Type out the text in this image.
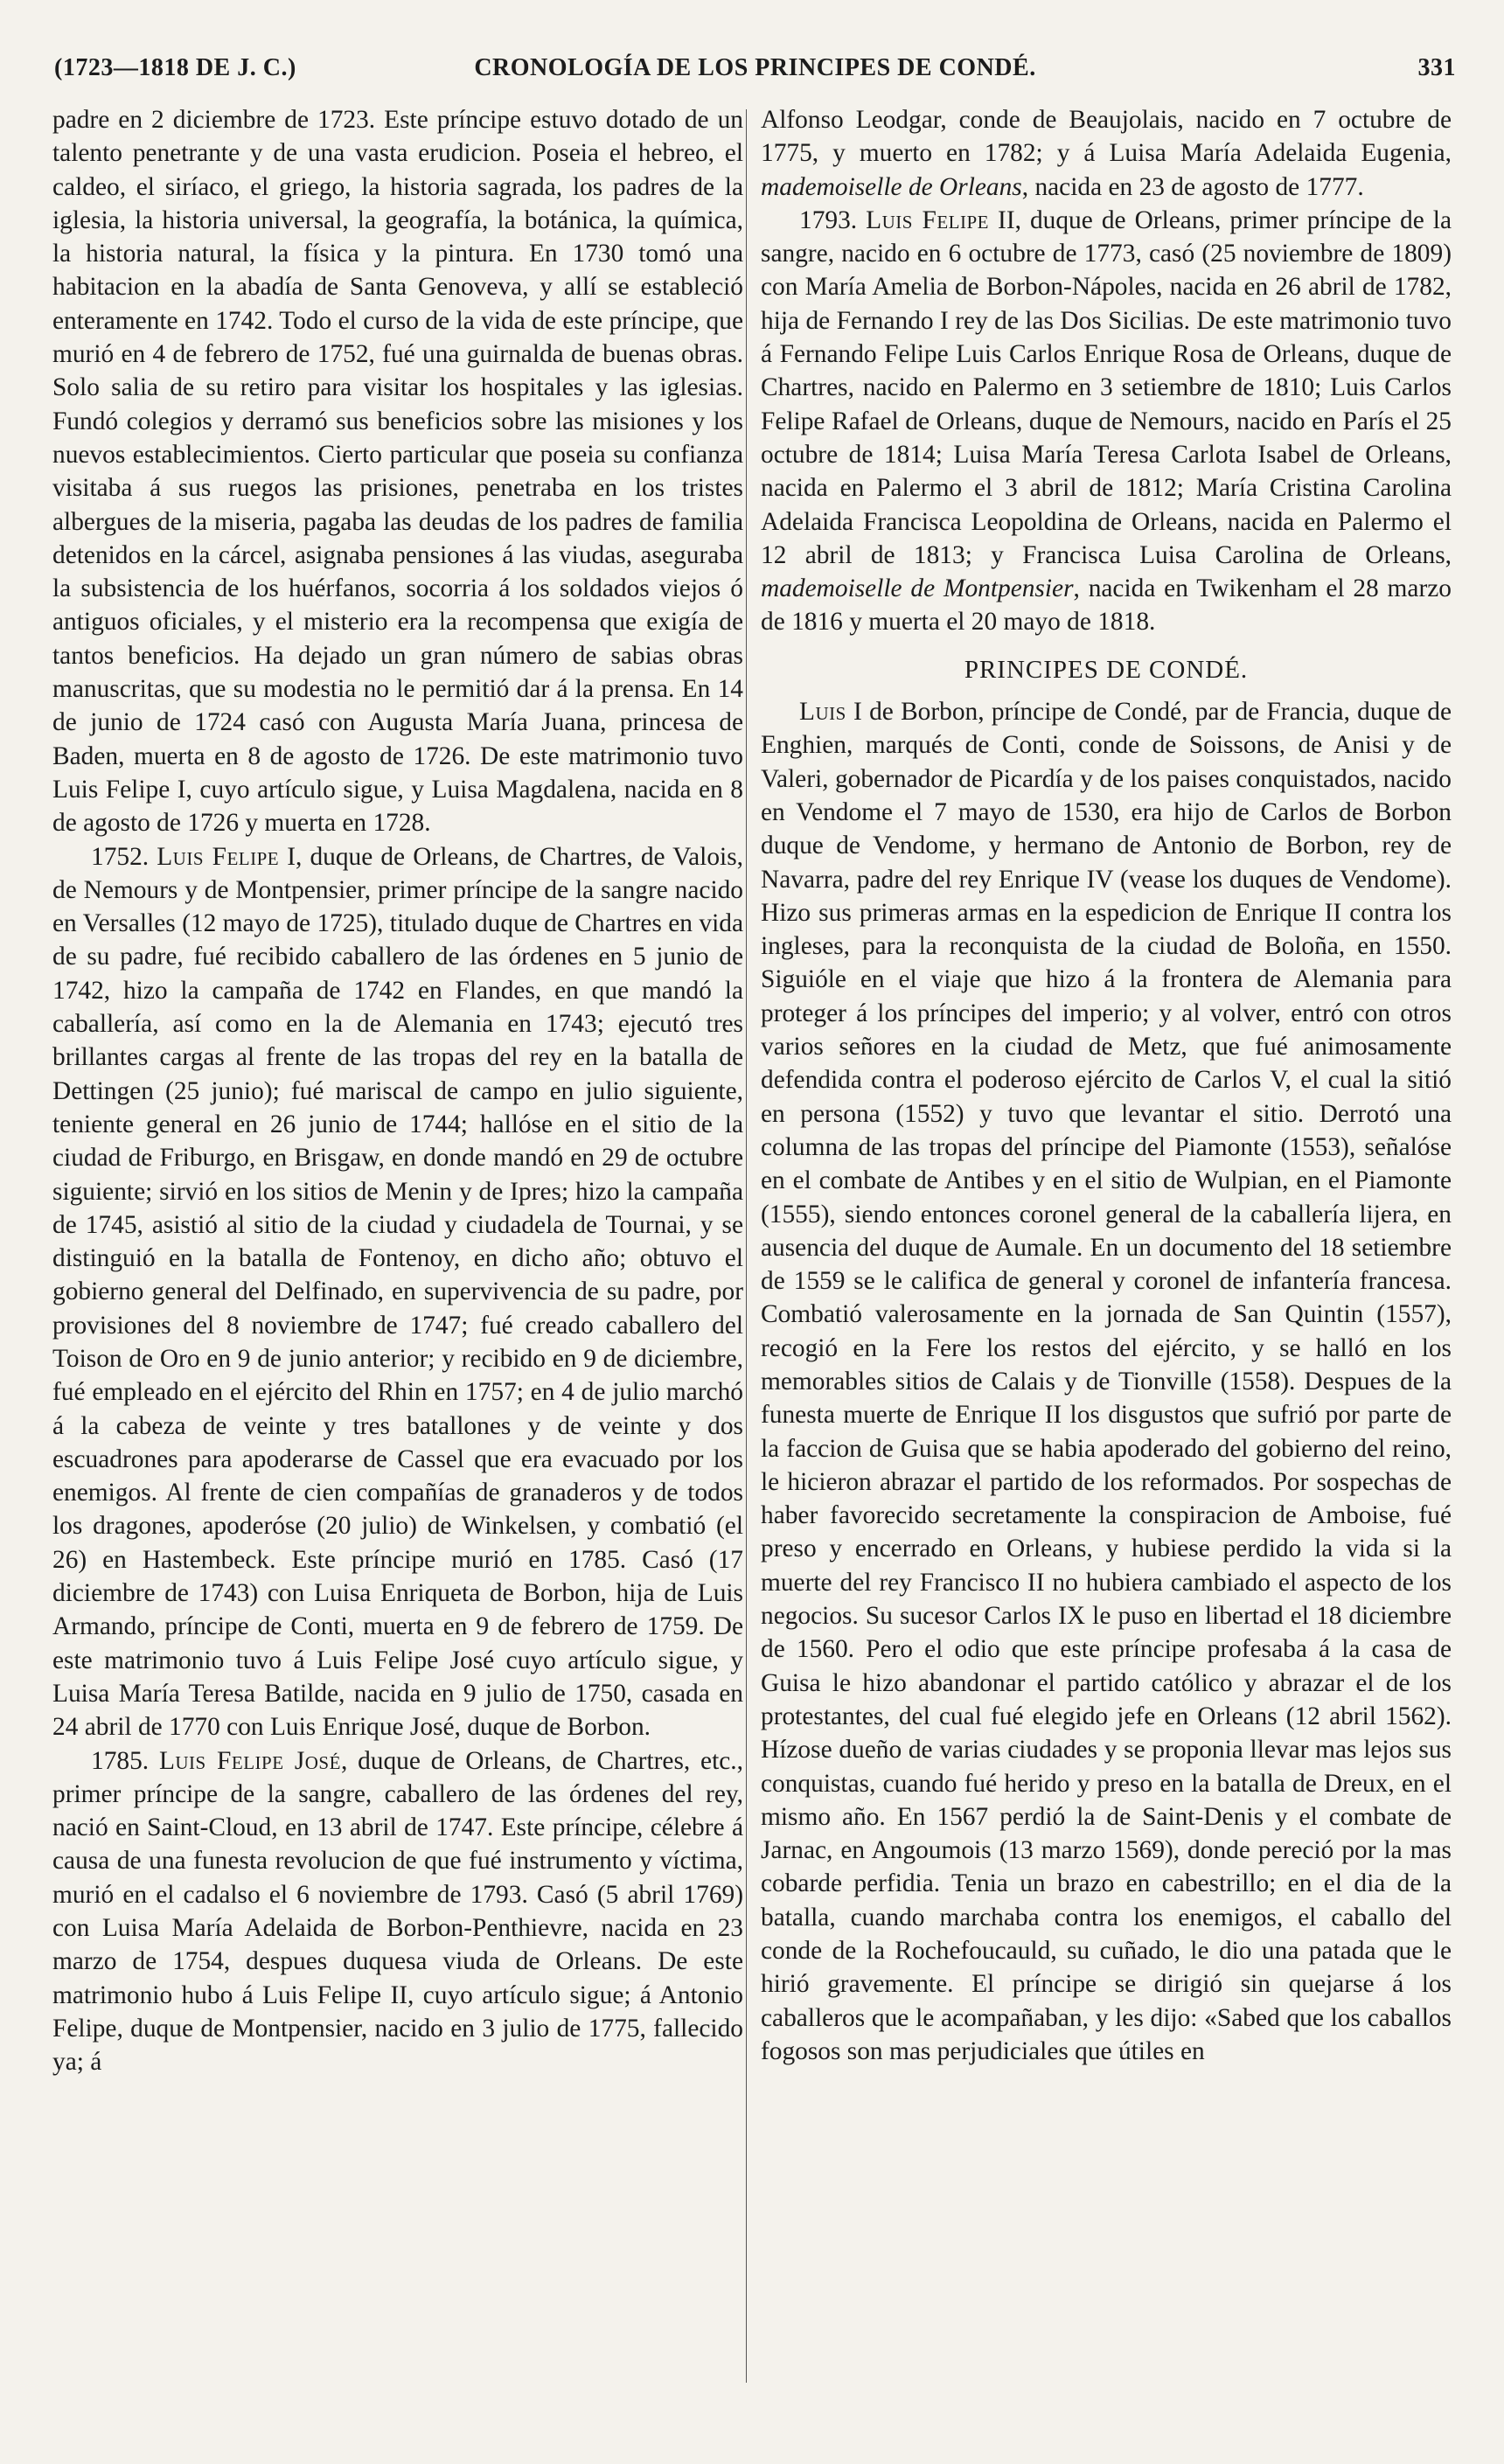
(1723—1818 DE J. C.)	CRONOLOGÍA DE LOS PRINCIPES DE CONDÉ.	331

padre en 2 diciembre de 1723. Este príncipe estuvo dotado de un talento penetrante y de una vasta erudicion. Poseia el hebreo, el caldeo, el siríaco, el griego, la historia sagrada, los padres de la iglesia, la historia universal, la geografía, la botánica, la química, la historia natural, la física y la pintura. En 1730 tomó una habitacion en la abadía de Santa Genoveva, y allí se estableció enteramente en 1742. Todo el curso de la vida de este príncipe, que murió en 4 de febrero de 1752, fué una guirnalda de buenas obras. Solo salia de su retiro para visitar los hospitales y las iglesias. Fundó colegios y derramó sus beneficios sobre las misiones y los nuevos establecimientos. Cierto particular que poseia su confianza visitaba á sus ruegos las prisiones, penetraba en los tristes albergues de la miseria, pagaba las deudas de los padres de familia detenidos en la cárcel, asignaba pensiones á las viudas, aseguraba la subsistencia de los huérfanos, socorria á los soldados viejos ó antiguos oficiales, y el misterio era la recompensa que exigía de tantos beneficios. Ha dejado un gran número de sabias obras manuscritas, que su modestia no le permitió dar á la prensa. En 14 de junio de 1724 casó con Augusta María Juana, princesa de Baden, muerta en 8 de agosto de 1726. De este matrimonio tuvo Luis Felipe I, cuyo artículo sigue, y Luisa Magdalena, nacida en 8 de agosto de 1726 y muerta en 1728.

1752. Luis Felipe I, duque de Orleans, de Chartres, de Valois, de Nemours y de Montpensier, primer príncipe de la sangre nacido en Versalles (12 mayo de 1725), titulado duque de Chartres en vida de su padre, fué recibido caballero de las órdenes en 5 junio de 1742, hizo la campaña de 1742 en Flandes, en que mandó la caballería, así como en la de Alemania en 1743; ejecutó tres brillantes cargas al frente de las tropas del rey en la batalla de Dettingen (25 junio); fué mariscal de campo en julio siguiente, teniente general en 26 junio de 1744; hallóse en el sitio de la ciudad de Friburgo, en Brisgaw, en donde mandó en 29 de octubre siguiente; sirvió en los sitios de Menin y de Ipres; hizo la campaña de 1745, asistió al sitio de la ciudad y ciudadela de Tournai, y se distinguió en la batalla de Fontenoy, en dicho año; obtuvo el gobierno general del Delfinado, en supervivencia de su padre, por provisiones del 8 noviembre de 1747; fué creado caballero del Toison de Oro en 9 de junio anterior; y recibido en 9 de diciembre, fué empleado en el ejército del Rhin en 1757; en 4 de julio marchó á la cabeza de veinte y tres batallones y de veinte y dos escuadrones para apoderarse de Cassel que era evacuado por los enemigos. Al frente de cien compañías de granaderos y de todos los dragones, apoderóse (20 julio) de Winkelsen, y combatió (el 26) en Hastembeck. Este príncipe murió en 1785. Casó (17 diciembre de 1743) con Luisa Enriqueta de Borbon, hija de Luis Armando, príncipe de Conti, muerta en 9 de febrero de 1759. De este matrimonio tuvo á Luis Felipe José cuyo artículo sigue, y Luisa María Teresa Batilde, nacida en 9 julio de 1750, casada en 24 abril de 1770 con Luis Enrique José, duque de Borbon.

1785. Luis Felipe José, duque de Orleans, de Chartres, etc., primer príncipe de la sangre, caballero de las órdenes del rey, nació en Saint-Cloud, en 13 abril de 1747. Este príncipe, célebre á causa de una funesta revolucion de que fué instrumento y víctima, murió en el cadalso el 6 noviembre de 1793. Casó (5 abril 1769) con Luisa María Adelaida de Borbon-Penthievre, nacida en 23 marzo de 1754, despues duquesa viuda de Orleans. De este matrimonio hubo á Luis Felipe II, cuyo artículo sigue; á Antonio Felipe, duque de Montpensier, nacido en 3 julio de 1775, fallecido ya; á

Alfonso Leodgar, conde de Beaujolais, nacido en 7 octubre de 1775, y muerto en 1782; y á Luisa María Adelaida Eugenia, mademoiselle de Orleans, nacida en 23 de agosto de 1777.

1793. Luis Felipe II, duque de Orleans, primer príncipe de la sangre, nacido en 6 octubre de 1773, casó (25 noviembre de 1809) con María Amelia de Borbon-Nápoles, nacida en 26 abril de 1782, hija de Fernando I rey de las Dos Sicilias. De este matrimonio tuvo á Fernando Felipe Luis Carlos Enrique Rosa de Orleans, duque de Chartres, nacido en Palermo en 3 setiembre de 1810; Luis Carlos Felipe Rafael de Orleans, duque de Nemours, nacido en París el 25 octubre de 1814; Luisa María Teresa Carlota Isabel de Orleans, nacida en Palermo el 3 abril de 1812; María Cristina Carolina Adelaida Francisca Leopoldina de Orleans, nacida en Palermo el 12 abril de 1813; y Francisca Luisa Carolina de Orleans, mademoiselle de Montpensier, nacida en Twikenham el 28 marzo de 1816 y muerta el 20 mayo de 1818.

PRINCIPES DE CONDÉ.

Luis I de Borbon, príncipe de Condé, par de Francia, duque de Enghien, marqués de Conti, conde de Soissons, de Anisi y de Valeri, gobernador de Picardía y de los paises conquistados, nacido en Vendome el 7 mayo de 1530, era hijo de Carlos de Borbon duque de Vendome, y hermano de Antonio de Borbon, rey de Navarra, padre del rey Enrique IV (vease los duques de Vendome). Hizo sus primeras armas en la espedicion de Enrique II contra los ingleses, para la reconquista de la ciudad de Boloña, en 1550. Siguióle en el viaje que hizo á la frontera de Alemania para proteger á los príncipes del imperio; y al volver, entró con otros varios señores en la ciudad de Metz, que fué animosamente defendida contra el poderoso ejército de Carlos V, el cual la sitió en persona (1552) y tuvo que levantar el sitio. Derrotó una columna de las tropas del príncipe del Piamonte (1553), señalóse en el combate de Antibes y en el sitio de Wulpian, en el Piamonte (1555), siendo entonces coronel general de la caballería lijera, en ausencia del duque de Aumale. En un documento del 18 setiembre de 1559 se le califica de general y coronel de infantería francesa. Combatió valerosamente en la jornada de San Quintin (1557), recogió en la Fere los restos del ejército, y se halló en los memorables sitios de Calais y de Tionville (1558). Despues de la funesta muerte de Enrique II los disgustos que sufrió por parte de la faccion de Guisa que se habia apoderado del gobierno del reino, le hicieron abrazar el partido de los reformados. Por sospechas de haber favorecido secretamente la conspiracion de Amboise, fué preso y encerrado en Orleans, y hubiese perdido la vida si la muerte del rey Francisco II no hubiera cambiado el aspecto de los negocios. Su sucesor Carlos IX le puso en libertad el 18 diciembre de 1560. Pero el odio que este príncipe profesaba á la casa de Guisa le hizo abandonar el partido católico y abrazar el de los protestantes, del cual fué elegido jefe en Orleans (12 abril 1562). Hízose dueño de varias ciudades y se proponia llevar mas lejos sus conquistas, cuando fué herido y preso en la batalla de Dreux, en el mismo año. En 1567 perdió la de Saint-Denis y el combate de Jarnac, en Angoumois (13 marzo 1569), donde pereció por la mas cobarde perfidia. Tenia un brazo en cabestrillo; en el dia de la batalla, cuando marchaba contra los enemigos, el caballo del conde de la Rochefoucauld, su cuñado, le dio una patada que le hirió gravemente. El príncipe se dirigió sin quejarse á los caballeros que le acompañaban, y les dijo: «Sabed que los caballos fogosos son mas perjudiciales que útiles en
